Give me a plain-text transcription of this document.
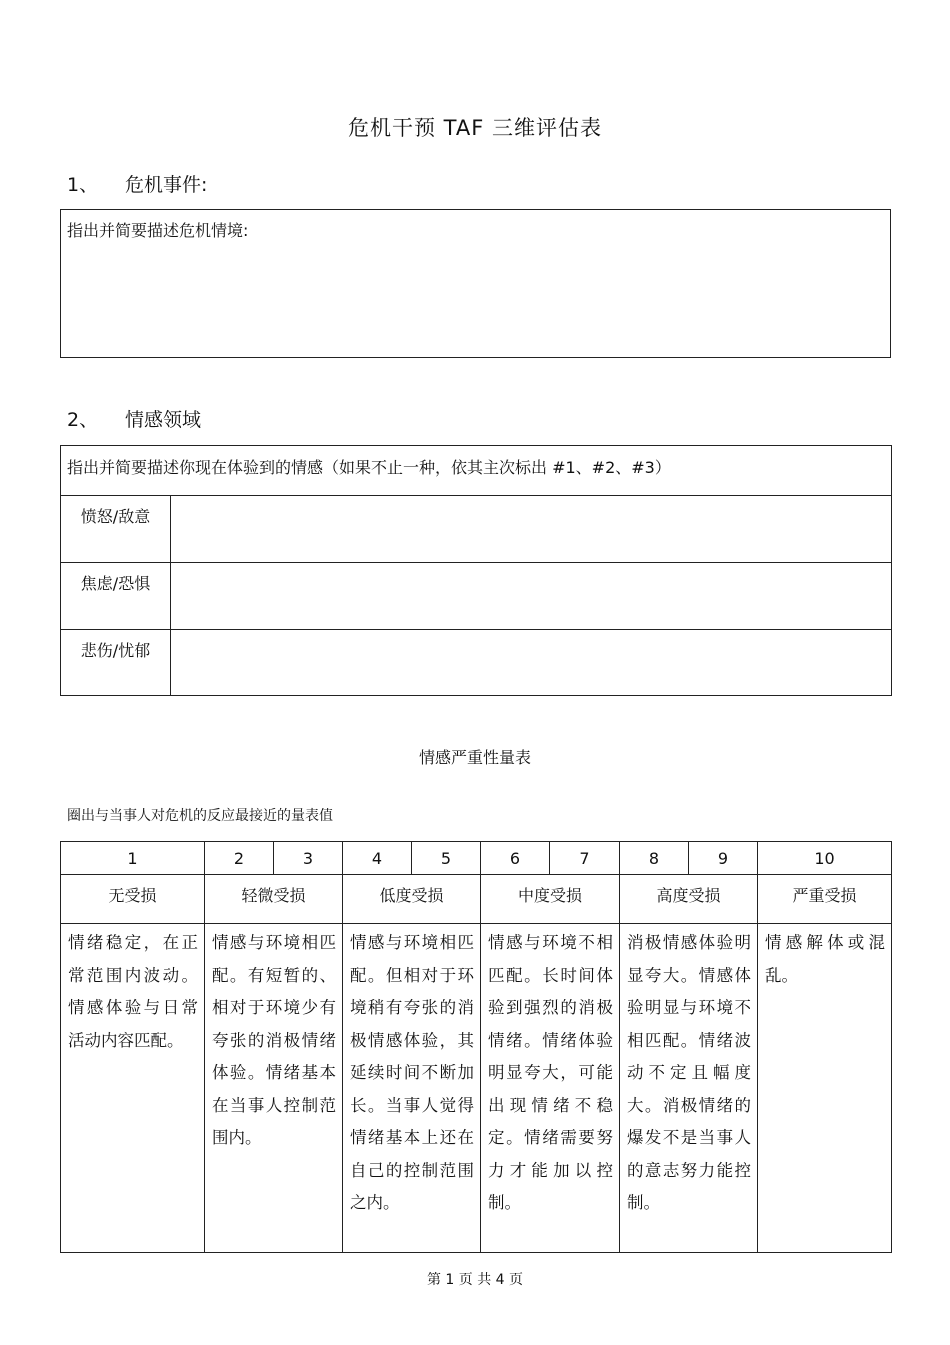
危机干预 TAF 三维评估表
1、 危机事件:
指出并简要描述危机情境:
2、 情感领域
指出并简要描述你现在体验到的情感（如果不止一种，依其主次标出 #1、#2、#3）	
愤怒/敌意	
焦虑/恐惧	
悲伤/忧郁	
情感严重性量表
圈出与当事人对危机的反应最接近的量表值
1	2	3	4	5	6	7	8	9	10
无受损	轻微受损		低度受损		中度受损		高度受损		严重受损
情绪稳定，在正常范围内波动。情感体验与日常活动内容匹配。	情感与环境相匹配。有短暂的、相对于环境少有夸张的消极情绪体验。情绪基本在当事人控制范围内。		情感与环境相匹配。但相对于环境稍有夸张的消极情感体验，其延续时间不断加长。当事人觉得情绪基本上还在自己的控制范围之内。		情感与环境不相匹配。长时间体验到强烈的消极情绪。情绪体验明显夸大，可能出现情绪不稳定。情绪需要努力才能加以控制。		消极情感体验明显夸大。情感体验明显与环境不相匹配。情绪波动不定且幅度大。消极情绪的爆发不是当事人的意志努力能控制。		情感解体或混乱。
第 1 页 共 4 页
